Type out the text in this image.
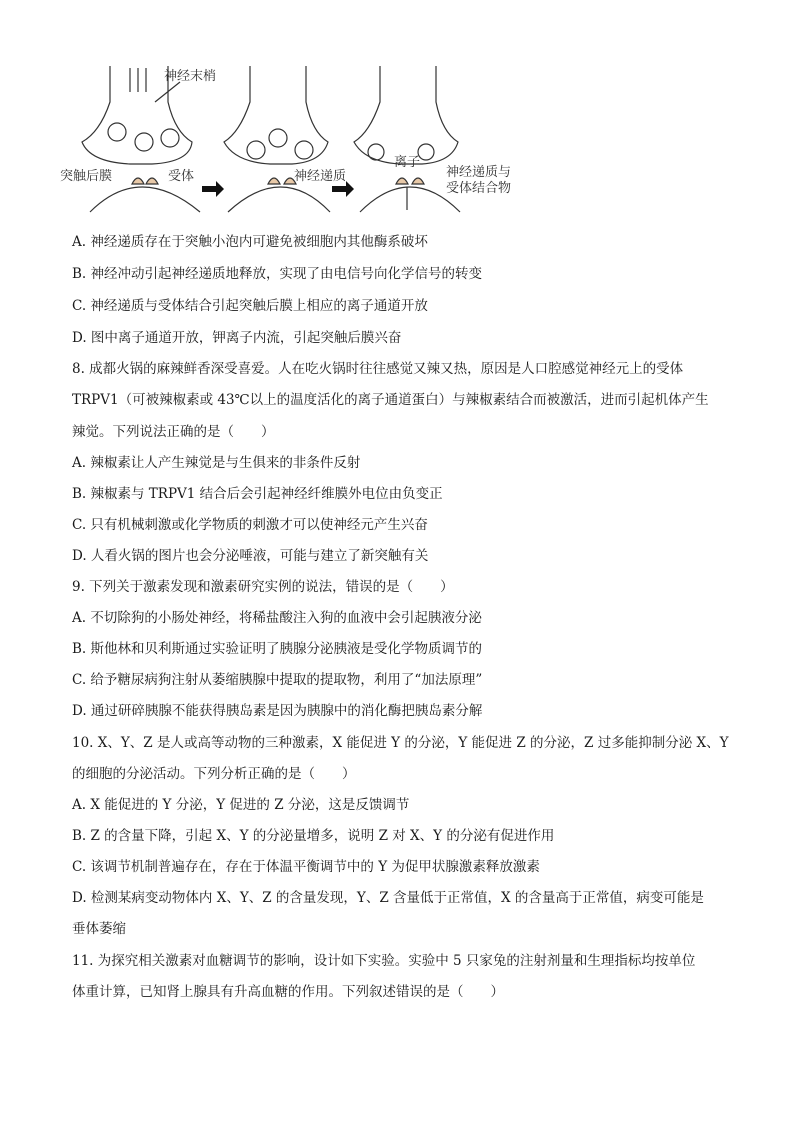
神经末梢
突触后膜	受体	神经递质
离子
神经递质与
受体结合物
A. 神经递质存在于突触小泡内可避免被细胞内其他酶系破坏
B. 神经冲动引起神经递质地释放，实现了由电信号向化学信号的转变
C. 神经递质与受体结合引起突触后膜上相应的离子通道开放
D. 图中离子通道开放，钾离子内流，引起突触后膜兴奋
8. 成都火锅的麻辣鲜香深受喜爱。人在吃火锅时往往感觉又辣又热，原因是人口腔感觉神经元上的受体
TRPV1（可被辣椒素或 43℃以上的温度活化的离子通道蛋白）与辣椒素结合而被激活，进而引起机体产生
辣觉。下列说法正确的是（　　）
A. 辣椒素让人产生辣觉是与生俱来的非条件反射
B. 辣椒素与 TRPV1 结合后会引起神经纤维膜外电位由负变正
C. 只有机械刺激或化学物质的刺激才可以使神经元产生兴奋
D. 人看火锅的图片也会分泌唾液，可能与建立了新突触有关
9. 下列关于激素发现和激素研究实例的说法，错误的是（　　）
A. 不切除狗的小肠处神经，将稀盐酸注入狗的血液中会引起胰液分泌
B. 斯他林和贝利斯通过实验证明了胰腺分泌胰液是受化学物质调节的
C. 给予糖尿病狗注射从萎缩胰腺中提取的提取物，利用了“加法原理”
D. 通过研碎胰腺不能获得胰岛素是因为胰腺中的消化酶把胰岛素分解
10. X、Y、Z 是人或高等动物的三种激素，X 能促进 Y 的分泌，Y 能促进 Z 的分泌，Z 过多能抑制分泌 X、Y
的细胞的分泌活动。下列分析正确的是（　　）
A. X 能促进的 Y 分泌，Y 促进的 Z 分泌，这是反馈调节
B. Z 的含量下降，引起 X、Y 的分泌量增多，说明 Z 对 X、Y 的分泌有促进作用
C. 该调节机制普遍存在，存在于体温平衡调节中的 Y 为促甲状腺激素释放激素
D. 检测某病变动物体内 X、Y、Z 的含量发现，Y、Z 含量低于正常值，X 的含量高于正常值，病变可能是
垂体萎缩
11. 为探究相关激素对血糖调节的影响，设计如下实验。实验中 5 只家兔的注射剂量和生理指标均按单位
体重计算，已知肾上腺具有升高血糖的作用。下列叙述错误的是（　　）
